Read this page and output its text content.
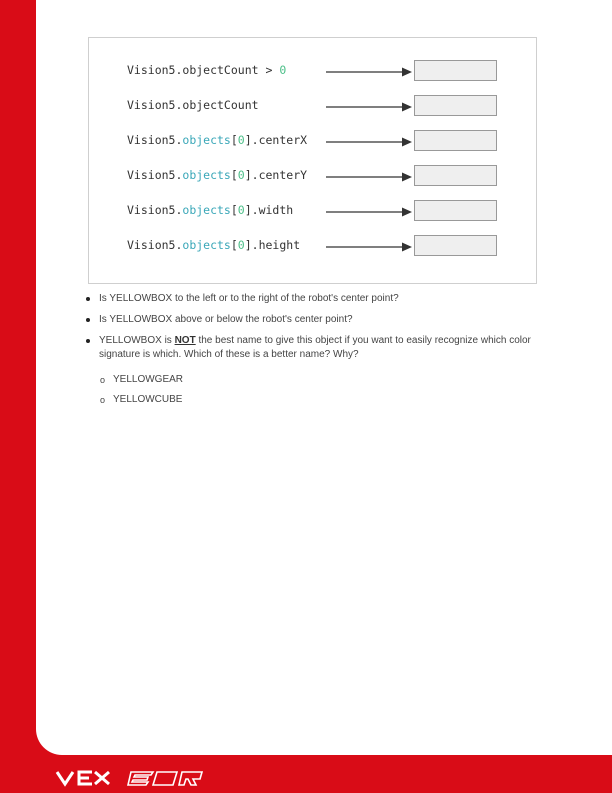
Vision5.objectCount > 0
Vision5.objectCount
Vision5.objects[0].centerX
Vision5.objects[0].centerY
Vision5.objects[0].width
Vision5.objects[0].height
Is YELLOWBOX to the left or to the right of the robot's center point?
Is YELLOWBOX above or below the robot's center point?
YELLOWBOX is NOT the best name to give this object if you want to easily recognize which color signature is which. Which of these is a better name? Why?
o YELLOWGEAR
o YELLOWCUBE
